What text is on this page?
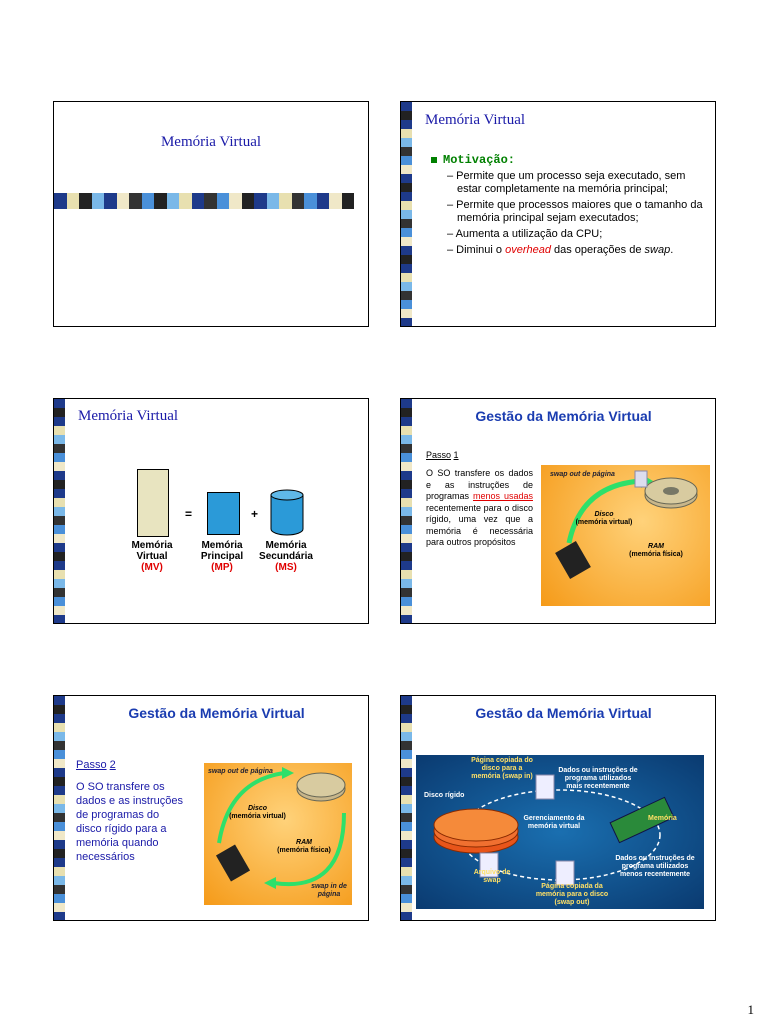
Memória Virtual
Memória Virtual
Motivação:
– Permite que um processo seja executado, sem estar completamente na memória principal;
– Permite que processos maiores que o tamanho da memória principal sejam executados;
– Aumenta a utilização da CPU;
– Diminui o overhead das operações de swap.
Memória Virtual
=	+
Memória
Virtual
(MV)
Memória
Principal
(MP)
Memória
Secundária
(MS)
Gestão da Memória Virtual
Passo 1
O SO transfere os dados e as instruções de programas menos usadas recentemente para o disco rígido, uma vez que a memória é necessária para outros propósitos
swap out de página
Disco
(memória virtual)
RAM
(memória física)
Gestão da Memória Virtual
Passo 2
O SO transfere os dados e as instruções de programas do disco rígido para a memória quando necessários
swap out de página
Disco
(memória virtual)
RAM
(memória física)
swap in de página
Gestão da Memória Virtual
Página copiada do disco para a memória (swap in)
Dados ou instruções de programa utilizados mais recentemente
Disco rígido
Gerenciamento da memória virtual
Memória
Dados ou instruções de programa utilizados menos recentemente
Arquivo de swap
Página copiada da memória para o disco (swap out)
1
